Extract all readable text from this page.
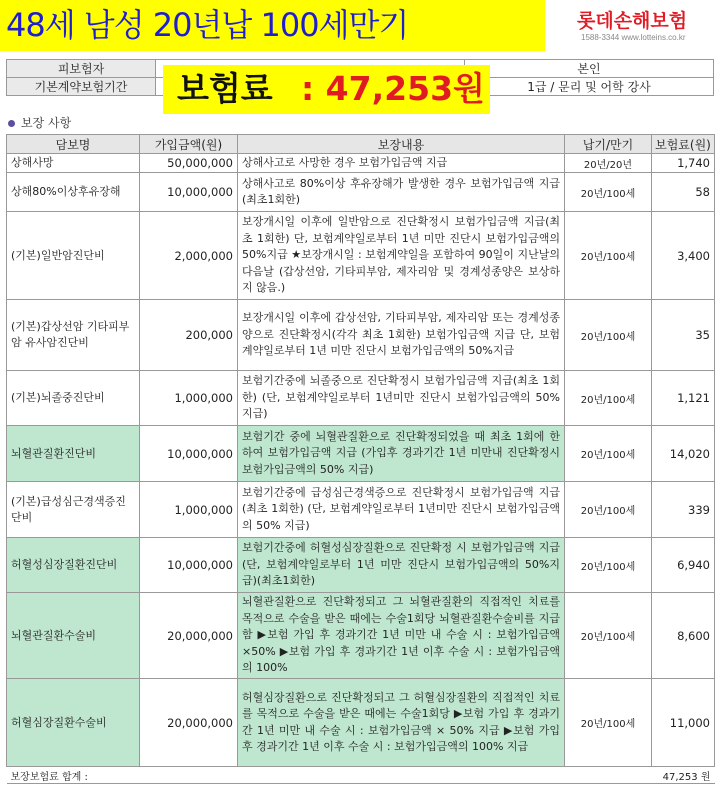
48세 남성 20년납 100세만기	롯데손해보험
1588-3344 www.lotteins.co.kr
피보험자		본인
기본계약보험기간		1급 / 문리 및 어학 강사
보험료 : 47,253원
보장 사항
담보명	가입금액(원)	보장내용	납기/만기	보험료(원)
상해사망	50,000,000	상해사고로 사망한 경우 보험가입금액 지급	20년/20년	1,740
상해80%이상후유장해	10,000,000	상해사고로 80%이상 후유장해가 발생한 경우 보험가입금액 지급(최초1회한)	20년/100세	58
(기본)일반암진단비	2,000,000	보장개시일 이후에 일반암으로 진단확정시 보험가입금액 지급(최초 1회한) 단, 보험계약일로부터 1년 미만 진단시 보험가입금액의 50%지급 ★보장개시일 : 보험계약일을 포함하여 90일이 지난날의 다음날 (갑상선암, 기타피부암, 제자리암 및 경계성종양은 보상하지 않음.)	20년/100세	3,400
(기본)갑상선암 기타피부암 유사암진단비	200,000	보장개시일 이후에 갑상선암, 기타피부암, 제자리암 또는 경계성종양으로 진단확정시(각각 최초 1회한) 보험가입금액 지급 단, 보험계약일로부터 1년 미만 진단시 보험가입금액의 50%지급	20년/100세	35
(기본)뇌졸중진단비	1,000,000	보험기간중에 뇌졸중으로 진단확정시 보험가입금액 지급(최초 1회한) (단, 보험계약일로부터 1년미만 진단시 보험가입금액의 50% 지급)	20년/100세	1,121
뇌혈관질환진단비	10,000,000	보험기간 중에 뇌혈관질환으로 진단확정되었을 때 최초 1회에 한하여 보험가입금액 지급 (가입후 경과기간 1년 미만내 진단확정시 보험가입금액의 50% 지급)	20년/100세	14,020
(기본)급성심근경색증진단비	1,000,000	보험기간중에 급성심근경색증으로 진단확정시 보험가입금액 지급(최초 1회한) (단, 보험계약일로부터 1년미만 진단시 보험가입금액의 50% 지급)	20년/100세	339
허혈성심장질환진단비	10,000,000	보험기간중에 허혈성심장질환으로 진단확정 시 보험가입금액 지급 (단, 보험계약일로부터 1년 미만 진단시 보험가입금액의 50%지급)(최초1회한)	20년/100세	6,940
뇌혈관질환수술비	20,000,000	뇌혈관질환으로 진단확정되고 그 뇌혈관질환의 직접적인 치료를 목적으로 수술을 받은 때에는 수술1회당 뇌혈관질환수술비를 지급함 ▶보험 가입 후 경과기간 1년 미만 내 수술 시 : 보험가입금액×50% ▶보험 가입 후 경과기간 1년 이후 수술 시 : 보험가입금액의 100%	20년/100세	8,600
허혈심장질환수술비	20,000,000	허혈심장질환으로 진단확정되고 그 허혈심장질환의 직접적인 치료를 목적으로 수술을 받은 때에는 수술1회당 ▶보험 가입 후 경과기간 1년 미만 내 수술 시 : 보험가입금액 × 50% 지급 ▶보험 가입 후 경과기간 1년 이후 수술 시 : 보험가입금액의 100% 지급	20년/100세	11,000
보장보험료 합계 :				47,253 원
